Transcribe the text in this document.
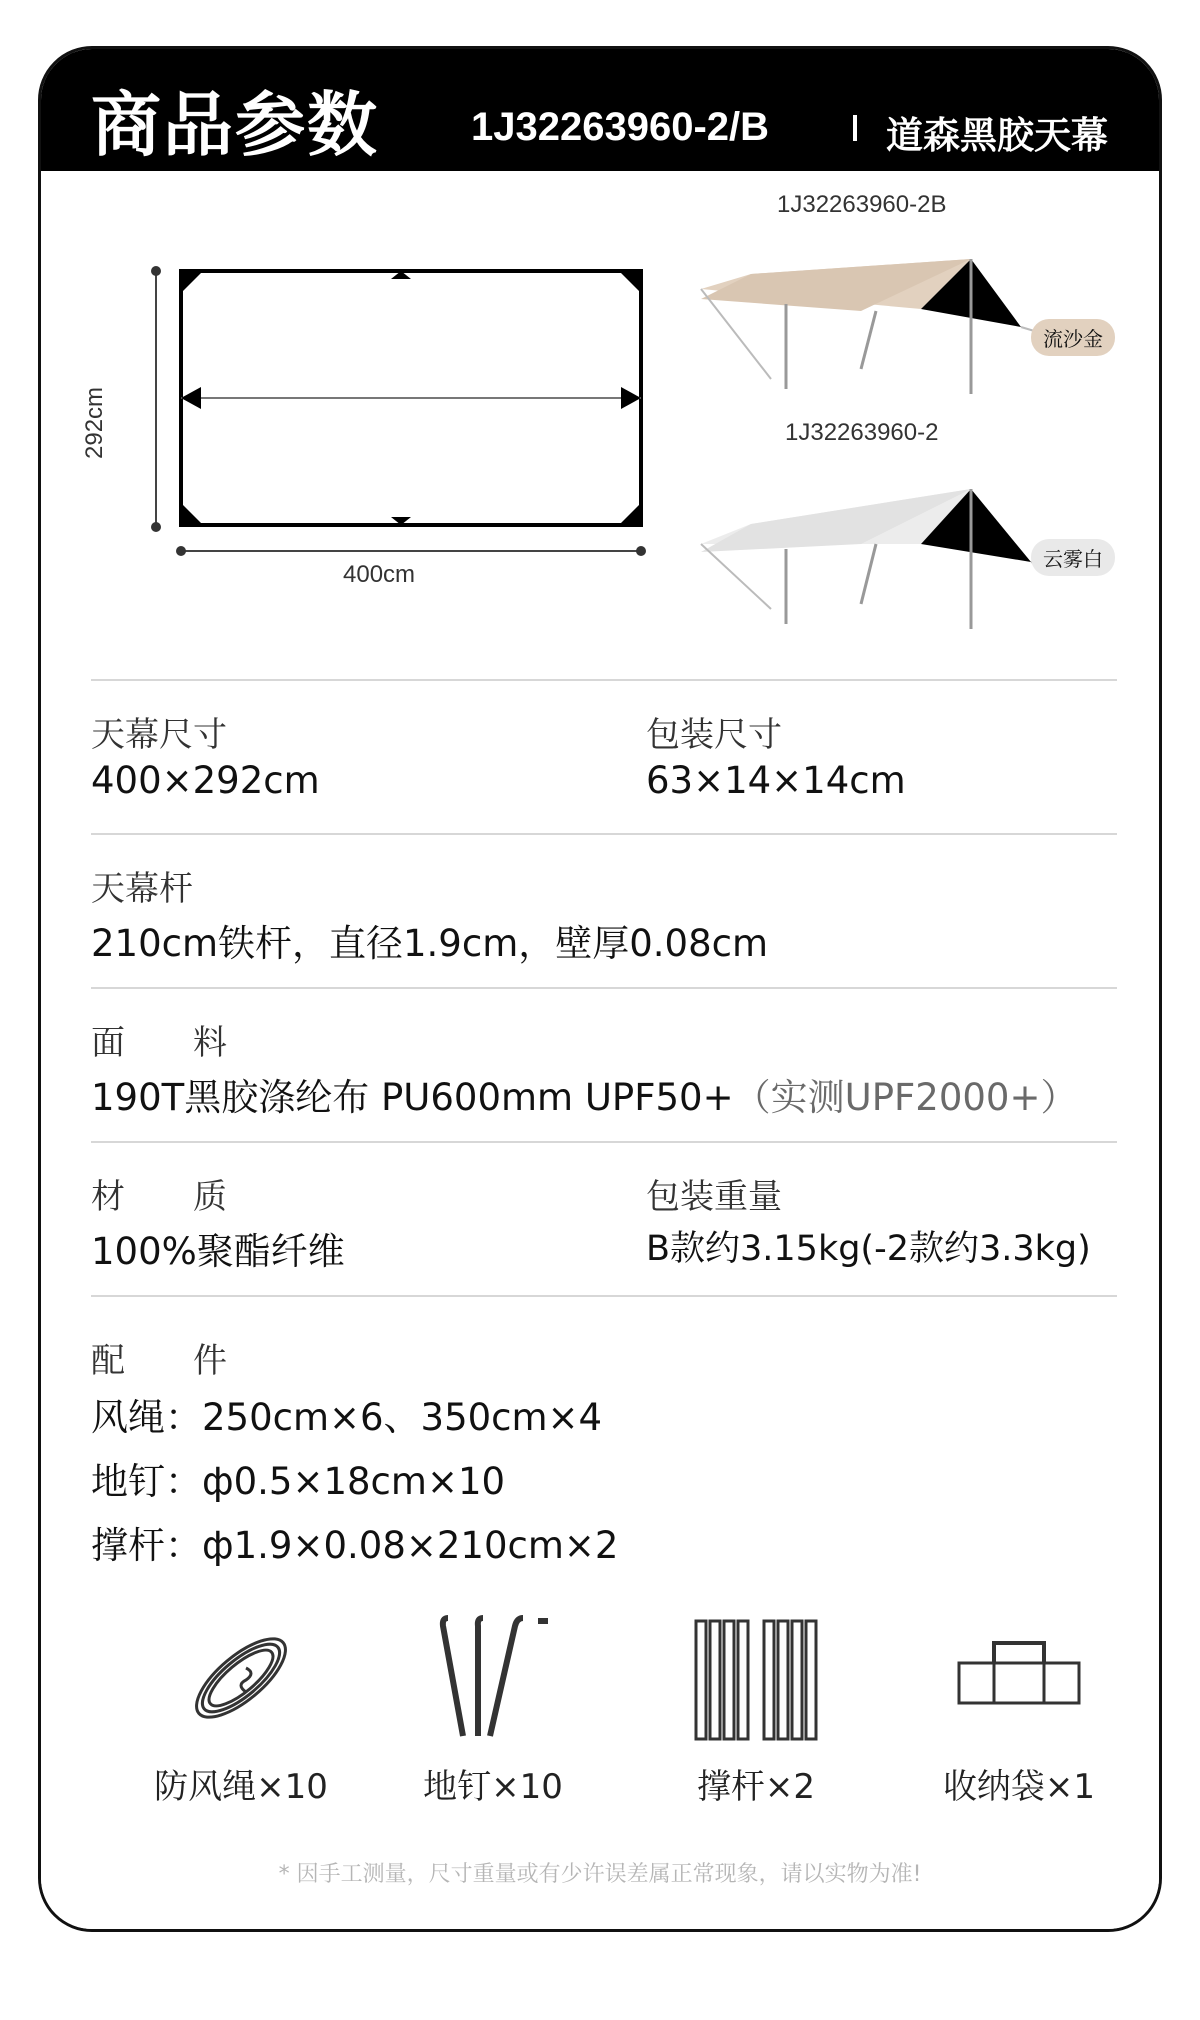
商品参数 1J32263960-2/B	道森黑胶天幕
292cm
400cm
1J32263960-2B
流沙金
1J32263960-2
云雾白
天幕尺寸
400×292cm
包装尺寸
63×14×14cm
天幕杆
210cm铁杆，直径1.9cm，壁厚0.08cm
面　　料
190T黑胶涤纶布 PU600mm UPF50+（实测UPF2000+）
材　　质
100%聚酯纤维
包装重量
B款约3.15kg(-2款约3.3kg)
配　　件
风绳：250cm×6、350cm×4
地钉：ф0.5×18cm×10
撑杆：ф1.9×0.08×210cm×2
防风绳×10	地钉×10	撑杆×2	收纳袋×1
* 因手工测量，尺寸重量或有少许误差属正常现象，请以实物为准!
